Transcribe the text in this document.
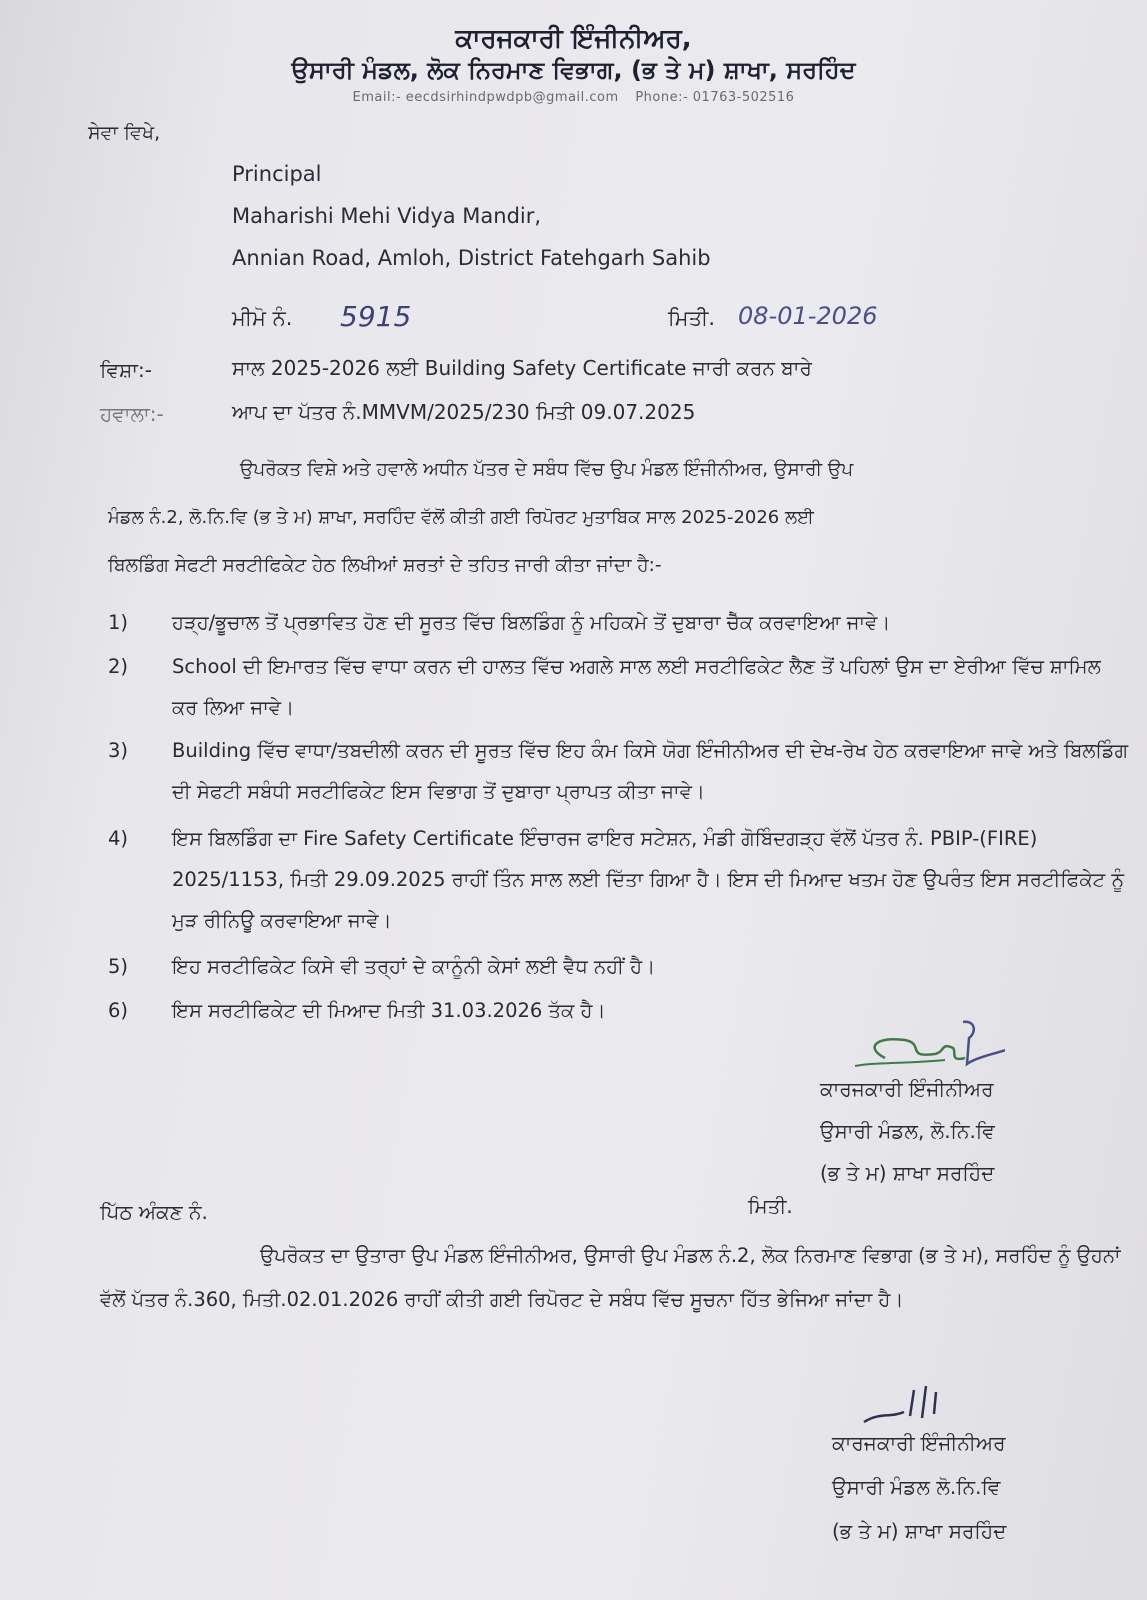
ਕਾਰਜਕਾਰੀ ਇੰਜੀਨੀਅਰ,
ਉਸਾਰੀ ਮੰਡਲ, ਲੋਕ ਨਿਰਮਾਣ ਵਿਭਾਗ, (ਭ ਤੇ ਮ) ਸ਼ਾਖਾ, ਸਰਹਿੰਦ
Email:- eecdsirhindpwdpb@gmail.com Phone:- 01763-502516
ਸੇਵਾ ਵਿਖੇ,
Principal
Maharishi Mehi Vidya Mandir,
Annian Road, Amloh, District Fatehgarh Sahib
ਮੀਮੋ ਨੰ. 5915	ਮਿਤੀ. 08-01-2026
ਵਿਸ਼ਾ:-	ਸਾਲ 2025-2026 ਲਈ Building Safety Certificate ਜਾਰੀ ਕਰਨ ਬਾਰੇ
ਹਵਾਲਾ:-	ਆਪ ਦਾ ਪੱਤਰ ਨੰ.MMVM/2025/230 ਮਿਤੀ 09.07.2025
ਉਪਰੋਕਤ ਵਿਸ਼ੇ ਅਤੇ ਹਵਾਲੇ ਅਧੀਨ ਪੱਤਰ ਦੇ ਸਬੰਧ ਵਿੱਚ ਉਪ ਮੰਡਲ ਇੰਜੀਨੀਅਰ, ਉਸਾਰੀ ਉਪ
ਮੰਡਲ ਨੰ.2, ਲੋ.ਨਿ.ਵਿ (ਭ ਤੇ ਮ) ਸ਼ਾਖਾ, ਸਰਹਿੰਦ ਵੱਲੋਂ ਕੀਤੀ ਗਈ ਰਿਪੋਰਟ ਮੁਤਾਬਿਕ ਸਾਲ 2025-2026 ਲਈ
ਬਿਲਡਿੰਗ ਸੇਫਟੀ ਸਰਟੀਫਿਕੇਟ ਹੇਠ ਲਿਖੀਆਂ ਸ਼ਰਤਾਂ ਦੇ ਤਹਿਤ ਜਾਰੀ ਕੀਤਾ ਜਾਂਦਾ ਹੈ:-
1)	ਹੜ੍ਹ/ਭੂਚਾਲ ਤੋਂ ਪ੍ਰਭਾਵਿਤ ਹੋਣ ਦੀ ਸੂਰਤ ਵਿੱਚ ਬਿਲਡਿੰਗ ਨੂੰ ਮਹਿਕਮੇ ਤੋਂ ਦੁਬਾਰਾ ਚੈੱਕ ਕਰਵਾਇਆ ਜਾਵੇ।
2)	School ਦੀ ਇਮਾਰਤ ਵਿੱਚ ਵਾਧਾ ਕਰਨ ਦੀ ਹਾਲਤ ਵਿੱਚ ਅਗਲੇ ਸਾਲ ਲਈ ਸਰਟੀਫਿਕੇਟ ਲੈਣ ਤੋਂ ਪਹਿਲਾਂ ਉਸ ਦਾ ਏਰੀਆ ਵਿੱਚ ਸ਼ਾਮਿਲ ਕਰ ਲਿਆ ਜਾਵੇ।
3)	Building ਵਿੱਚ ਵਾਧਾ/ਤਬਦੀਲੀ ਕਰਨ ਦੀ ਸੂਰਤ ਵਿੱਚ ਇਹ ਕੰਮ ਕਿਸੇ ਯੋਗ ਇੰਜੀਨੀਅਰ ਦੀ ਦੇਖ-ਰੇਖ ਹੇਠ ਕਰਵਾਇਆ ਜਾਵੇ ਅਤੇ ਬਿਲਡਿੰਗ ਦੀ ਸੇਫਟੀ ਸਬੰਧੀ ਸਰਟੀਫਿਕੇਟ ਇਸ ਵਿਭਾਗ ਤੋਂ ਦੁਬਾਰਾ ਪ੍ਰਾਪਤ ਕੀਤਾ ਜਾਵੇ।
4)	ਇਸ ਬਿਲਡਿੰਗ ਦਾ Fire Safety Certificate ਇੰਚਾਰਜ ਫਾਇਰ ਸਟੇਸ਼ਨ, ਮੰਡੀ ਗੋਬਿੰਦਗੜ੍ਹ ਵੱਲੋਂ ਪੱਤਰ ਨੰ. PBIP-(FIRE) 2025/1153, ਮਿਤੀ 29.09.2025 ਰਾਹੀਂ ਤਿੰਨ ਸਾਲ ਲਈ ਦਿੱਤਾ ਗਿਆ ਹੈ। ਇਸ ਦੀ ਮਿਆਦ ਖਤਮ ਹੋਣ ਉਪਰੰਤ ਇਸ ਸਰਟੀਫਿਕੇਟ ਨੂੰ ਮੁੜ ਰੀਨਿਊ ਕਰਵਾਇਆ ਜਾਵੇ।
5)	ਇਹ ਸਰਟੀਫਿਕੇਟ ਕਿਸੇ ਵੀ ਤਰ੍ਹਾਂ ਦੇ ਕਾਨੂੰਨੀ ਕੇਸਾਂ ਲਈ ਵੈਧ ਨਹੀਂ ਹੈ।
6)	ਇਸ ਸਰਟੀਫਿਕੇਟ ਦੀ ਮਿਆਦ ਮਿਤੀ 31.03.2026 ਤੱਕ ਹੈ।
ਕਾਰਜਕਾਰੀ ਇੰਜੀਨੀਅਰ
ਉਸਾਰੀ ਮੰਡਲ, ਲੋ.ਨਿ.ਵਿ
(ਭ ਤੇ ਮ) ਸ਼ਾਖਾ ਸਰਹਿੰਦ
ਪਿੱਠ ਅੰਕਣ ਨੰ.	ਮਿਤੀ.
ਉਪਰੋਕਤ ਦਾ ਉਤਾਰਾ ਉਪ ਮੰਡਲ ਇੰਜੀਨੀਅਰ, ਉਸਾਰੀ ਉਪ ਮੰਡਲ ਨੰ.2, ਲੋਕ ਨਿਰਮਾਣ ਵਿਭਾਗ (ਭ ਤੇ ਮ), ਸਰਹਿੰਦ ਨੂੰ ਉਹਨਾਂ ਵੱਲੋਂ ਪੱਤਰ ਨੰ.360, ਮਿਤੀ.02.01.2026 ਰਾਹੀਂ ਕੀਤੀ ਗਈ ਰਿਪੋਰਟ ਦੇ ਸਬੰਧ ਵਿੱਚ ਸੂਚਨਾ ਹਿੱਤ ਭੇਜਿਆ ਜਾਂਦਾ ਹੈ।
ਕਾਰਜਕਾਰੀ ਇੰਜੀਨੀਅਰ
ਉਸਾਰੀ ਮੰਡਲ ਲੋ.ਨਿ.ਵਿ
(ਭ ਤੇ ਮ) ਸ਼ਾਖਾ ਸਰਹਿੰਦ
